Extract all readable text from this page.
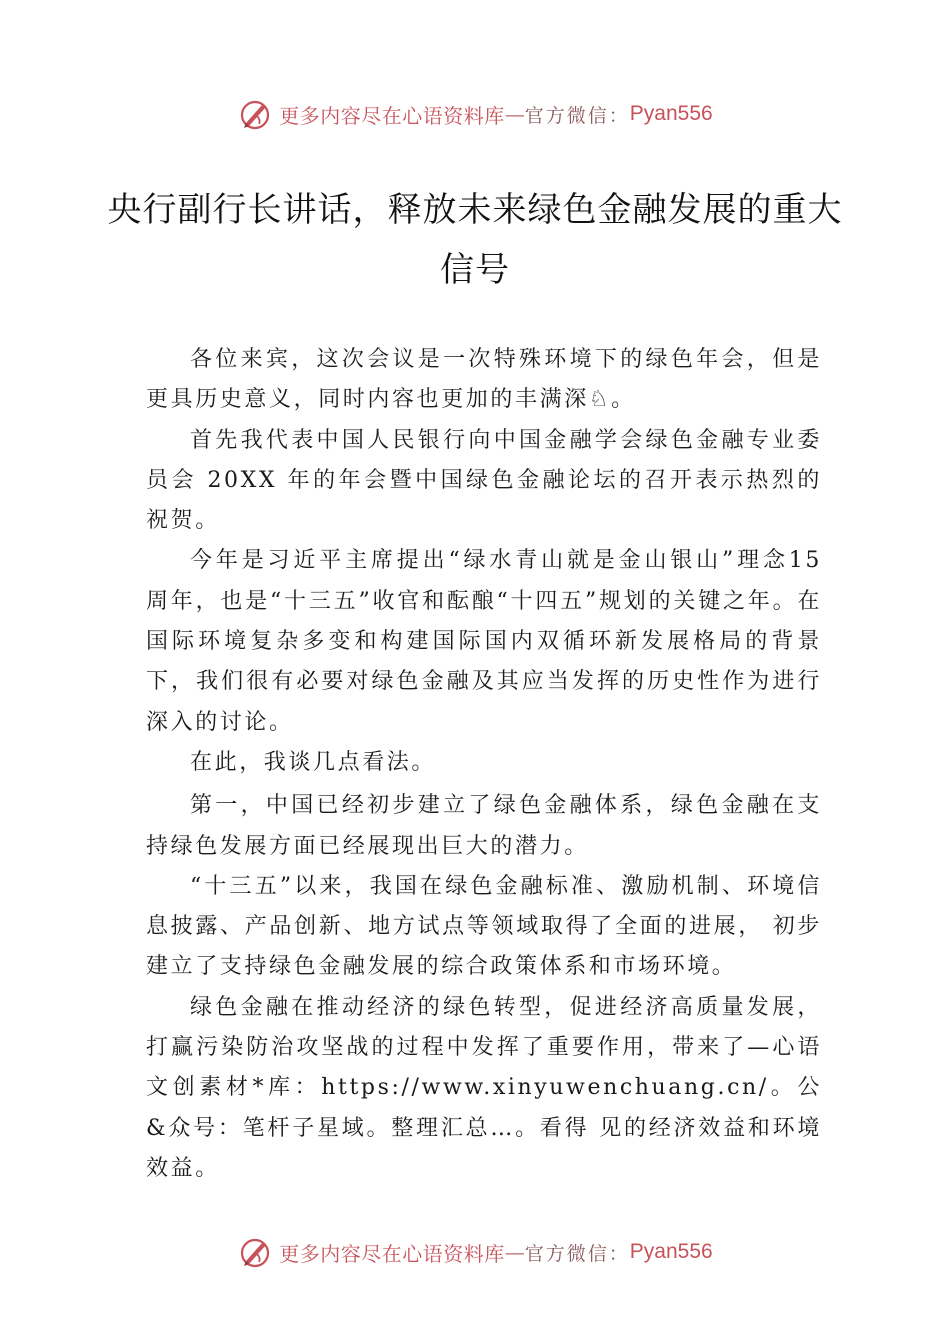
更多内容尽在心语资料库 — 官方微信： Pyan556
央行副行长讲话，释放未来绿色金融发展的重大信号

各位来宾，这次会议是一次特殊环境下的绿色年会，但是更具历史意义，同时内容也更加的丰满深♘。

首先我代表中国人民银行向中国金融学会绿色金融专业委员会 20XX 年的年会暨中国绿色金融论坛的召开表示热烈的祝贺。

今年是习近平主席提出“绿水青山就是金山银山”理念15 周年，也是“十三五”收官和酝酿“十四五”规划的关键之年。在国际环境复杂多变和构建国际国内双循环新发展格局的背景下，我们很有必要对绿色金融及其应当发挥的历史性作为进行深入的讨论。

在此，我谈几点看法。

第一，中国已经初步建立了绿色金融体系，绿色金融在支持绿色发展方面已经展现出巨大的潜力。

“十三五”以来，我国在绿色金融标准、激励机制、环境信息披露、产品创新、地方试点等领域取得了全面的进展， 初步建立了支持绿色金融发展的综合政策体系和市场环境。

绿色金融在推动经济的绿色转型，促进经济高质量发展， 打赢污染防治攻坚战的过程中发挥了重要作用，带来了—心语文创素材*库：https://www.xinyuwenchuang.cn/。公&众号：笔杆子星域。整理汇总…。看得 见的经济效益和环境效益。

更多内容尽在心语资料库 — 官方微信： Pyan556
